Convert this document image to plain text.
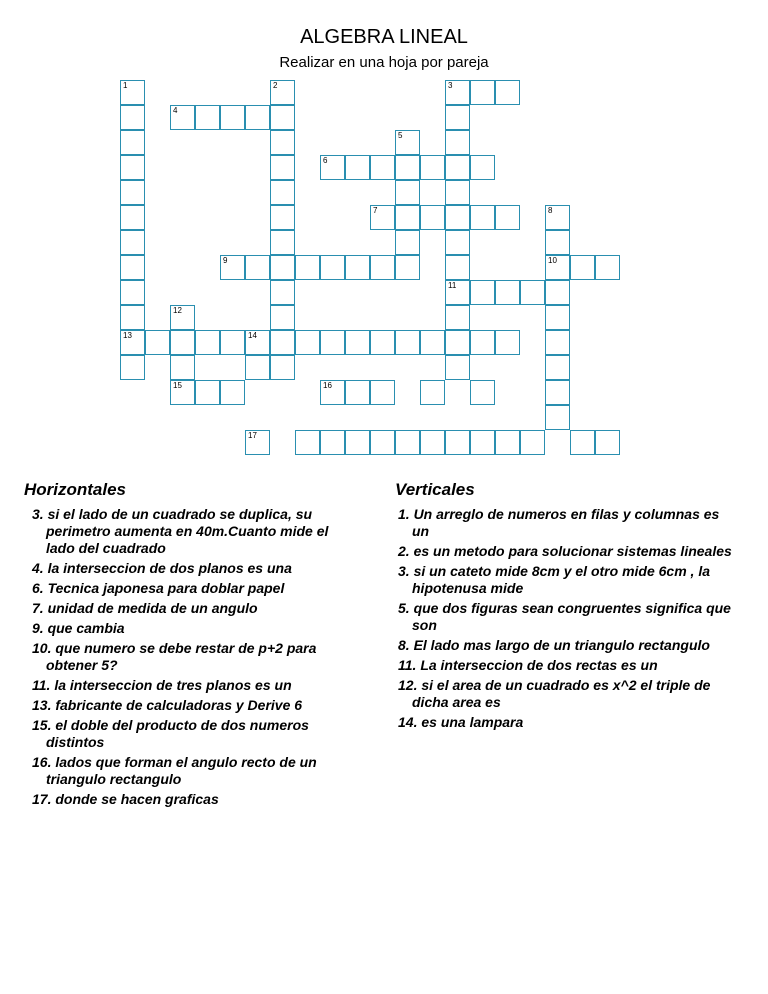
ALGEBRA LINEAL
Realizar en una hoja por pareja
1	2	3
11
4
5
6
7	8
10
9
12
15
13	14
16
17
Horizontales	Verticales
3. si el lado de un cuadrado se duplica, su perimetro aumenta en 40m.Cuanto mide el lado del cuadrado
4. la interseccion de dos planos es una
6. Tecnica japonesa para doblar papel
7. unidad de medida de un angulo
9. que cambia
10. que numero se debe restar de p+2 para obtener 5?
11. la interseccion de tres planos es un
13. fabricante de calculadoras y Derive 6
15. el doble del producto de dos numeros distintos
16. lados que forman el angulo recto de un triangulo rectangulo
17. donde se hacen graficas
1. Un arreglo de numeros en filas y columnas es un
2. es un metodo para solucionar sistemas lineales
3. si un cateto mide 8cm y el otro mide 6cm , la hipotenusa mide
5. que dos figuras sean congruentes significa que son
8. El lado mas largo de un triangulo rectangulo
11. La interseccion de dos rectas es un
12. si el area de un cuadrado es x^2 el triple de dicha area es
14. es una lampara
